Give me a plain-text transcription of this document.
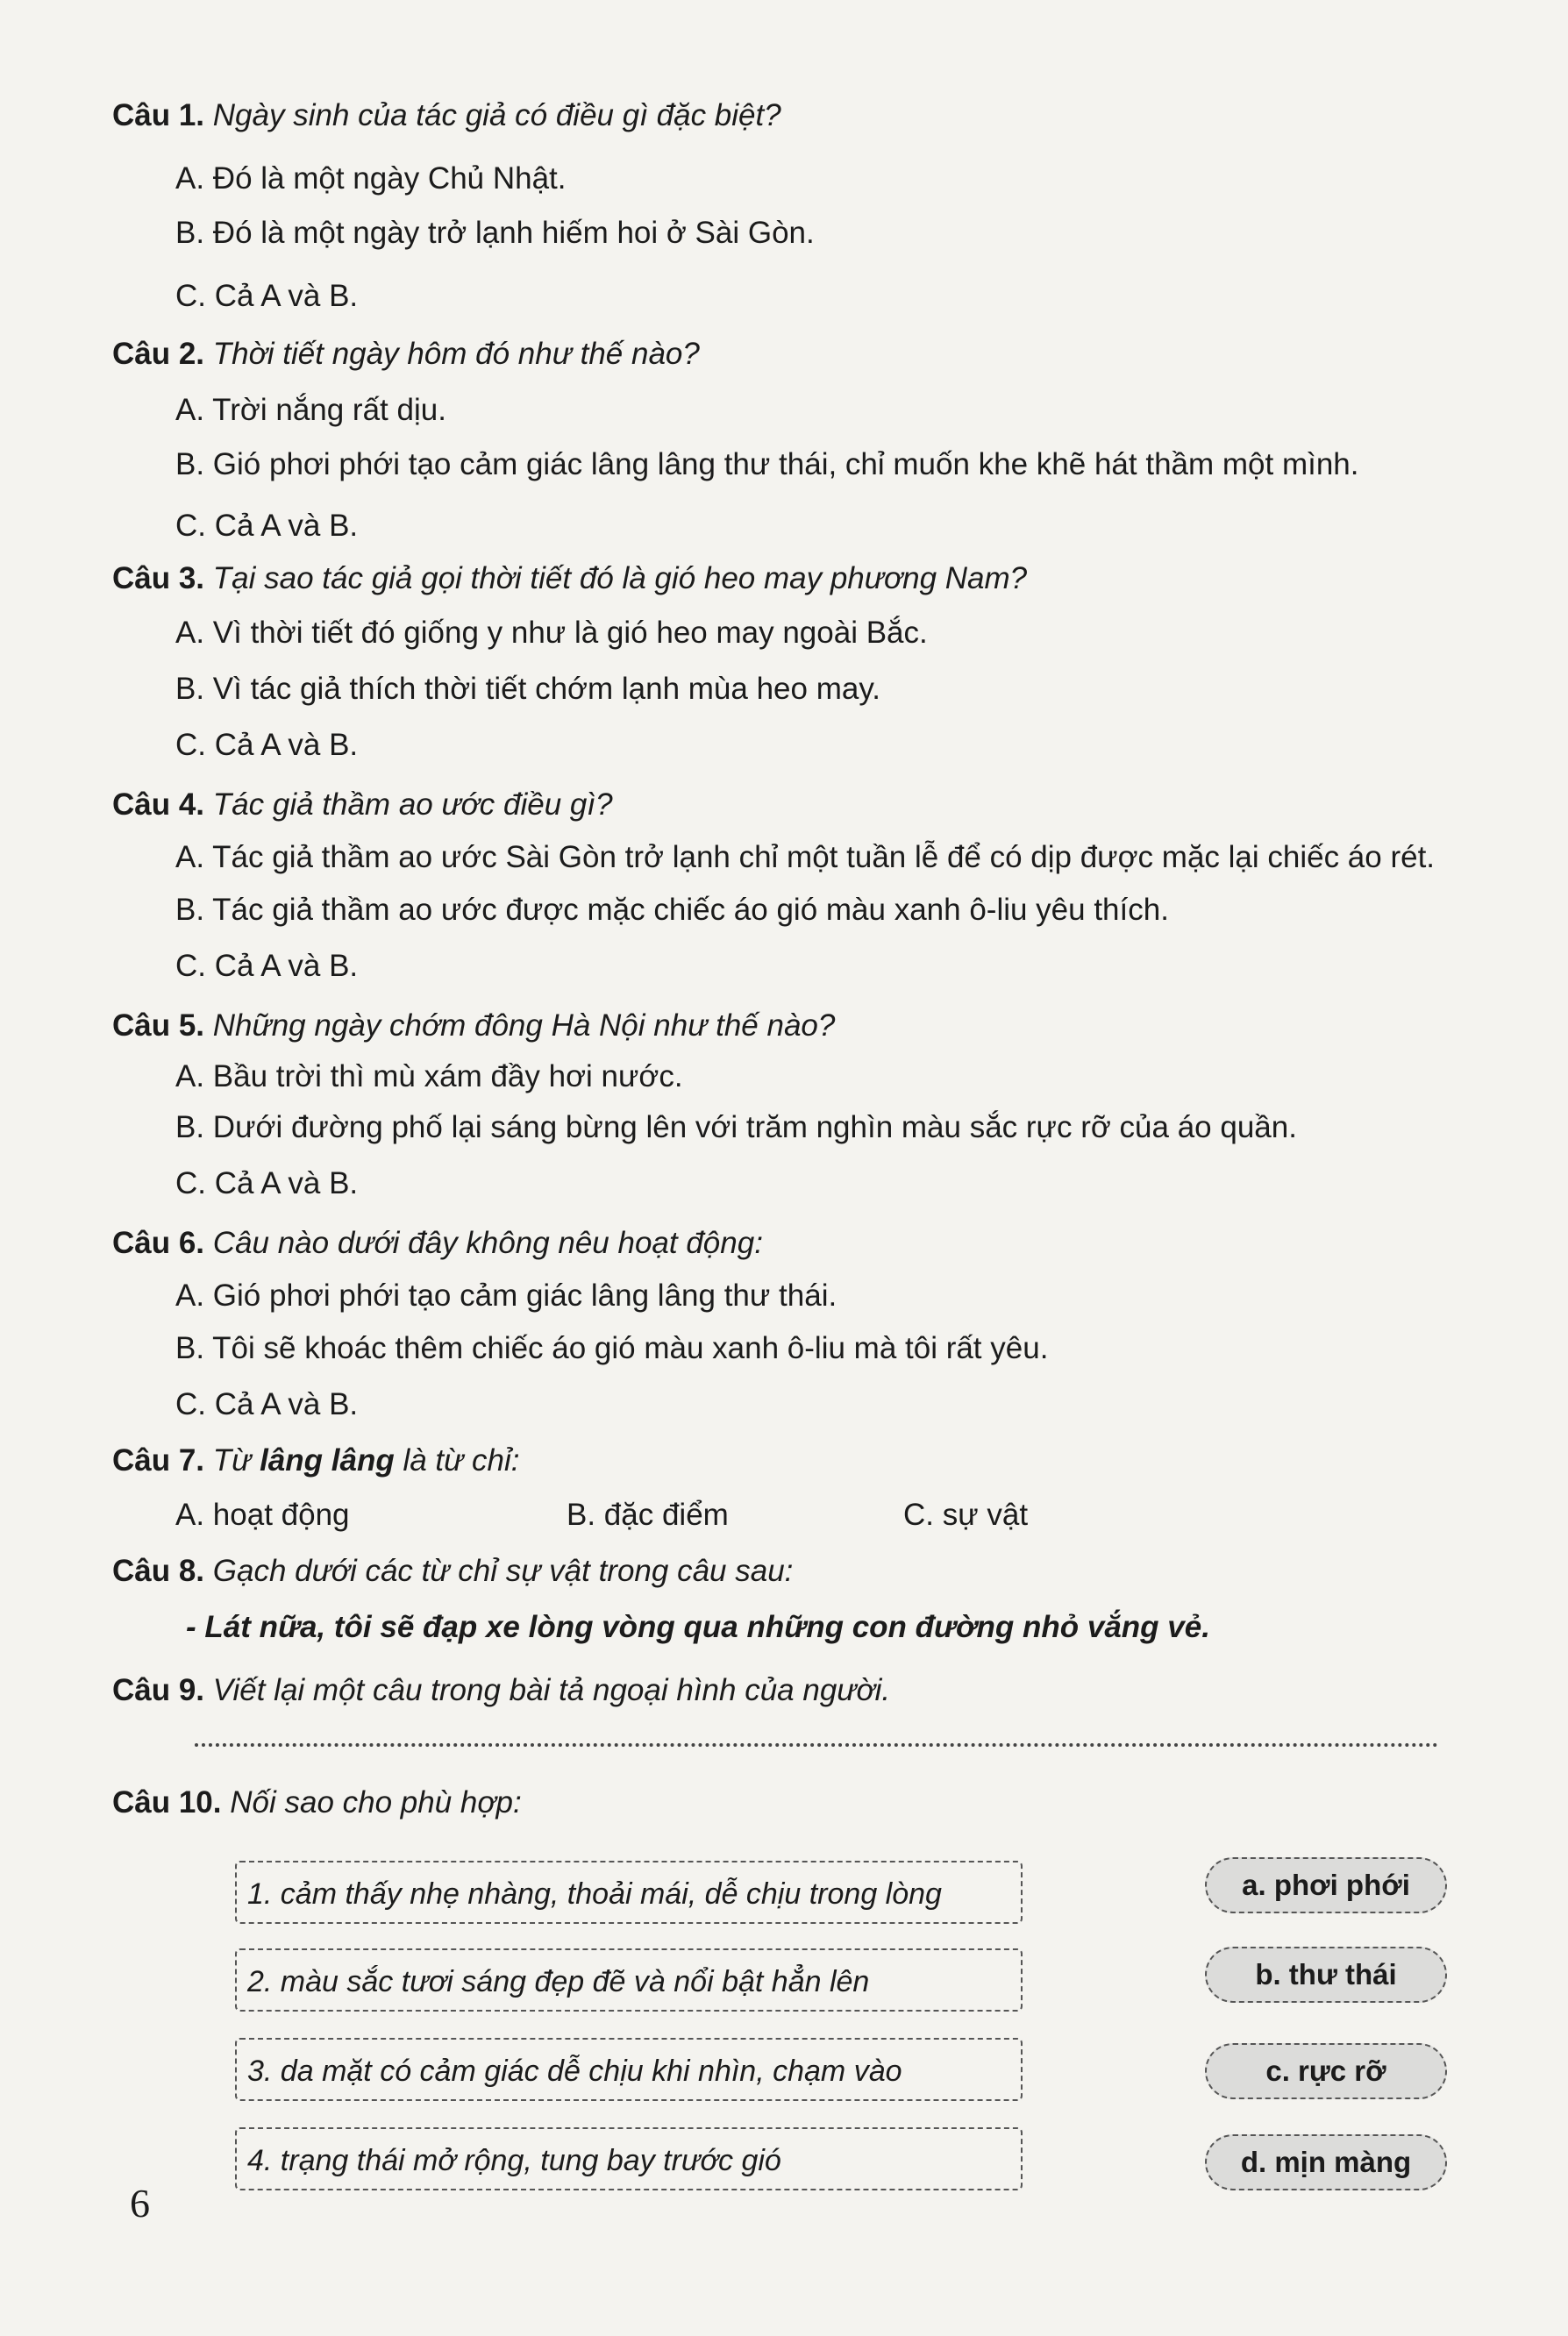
Câu 1. Ngày sinh của tác giả có điều gì đặc biệt?
A. Đó là một ngày Chủ Nhật.
B. Đó là một ngày trở lạnh hiếm hoi ở Sài Gòn.
C. Cả A và B.
Câu 2. Thời tiết ngày hôm đó như thế nào?
A. Trời nắng rất dịu.
B. Gió phơi phới tạo cảm giác lâng lâng thư thái, chỉ muốn khe khẽ hát thầm một mình.
C. Cả A và B.
Câu 3. Tại sao tác giả gọi thời tiết đó là gió heo may phương Nam?
A. Vì thời tiết đó giống y như là gió heo may ngoài Bắc.
B. Vì tác giả thích thời tiết chớm lạnh mùa heo may.
C. Cả A và B.
Câu 4. Tác giả thầm ao ước điều gì?
A. Tác giả thầm ao ước Sài Gòn trở lạnh chỉ một tuần lễ để có dịp được mặc lại chiếc áo rét.
B. Tác giả thầm ao ước được mặc chiếc áo gió màu xanh ô-liu yêu thích.
C. Cả A và B.
Câu 5. Những ngày chớm đông Hà Nội như thế nào?
A. Bầu trời thì mù xám đầy hơi nước.
B. Dưới đường phố lại sáng bừng lên với trăm nghìn màu sắc rực rỡ của áo quần.
C. Cả A và B.
Câu 6. Câu nào dưới đây không nêu hoạt động:
A. Gió phơi phới tạo cảm giác lâng lâng thư thái.
B. Tôi sẽ khoác thêm chiếc áo gió màu xanh ô-liu mà tôi rất yêu.
C. Cả A và B.
Câu 7. Từ lâng lâng là từ chỉ:
A. hoạt động	B. đặc điểm	C. sự vật
Câu 8. Gạch dưới các từ chỉ sự vật trong câu sau:
- Lát nữa, tôi sẽ đạp xe lòng vòng qua những con đường nhỏ vắng vẻ.
Câu 9. Viết lại một câu trong bài tả ngoại hình của người.
Câu 10. Nối sao cho phù hợp:
1. cảm thấy nhẹ nhàng, thoải mái, dễ chịu trong lòng
2. màu sắc tươi sáng đẹp đẽ và nổi bật hẳn lên
3. da mặt có cảm giác dễ chịu khi nhìn, chạm vào
4. trạng thái mở rộng, tung bay trước gió
a. phơi phới
b. thư thái
c. rực rỡ
d. mịn màng
6
